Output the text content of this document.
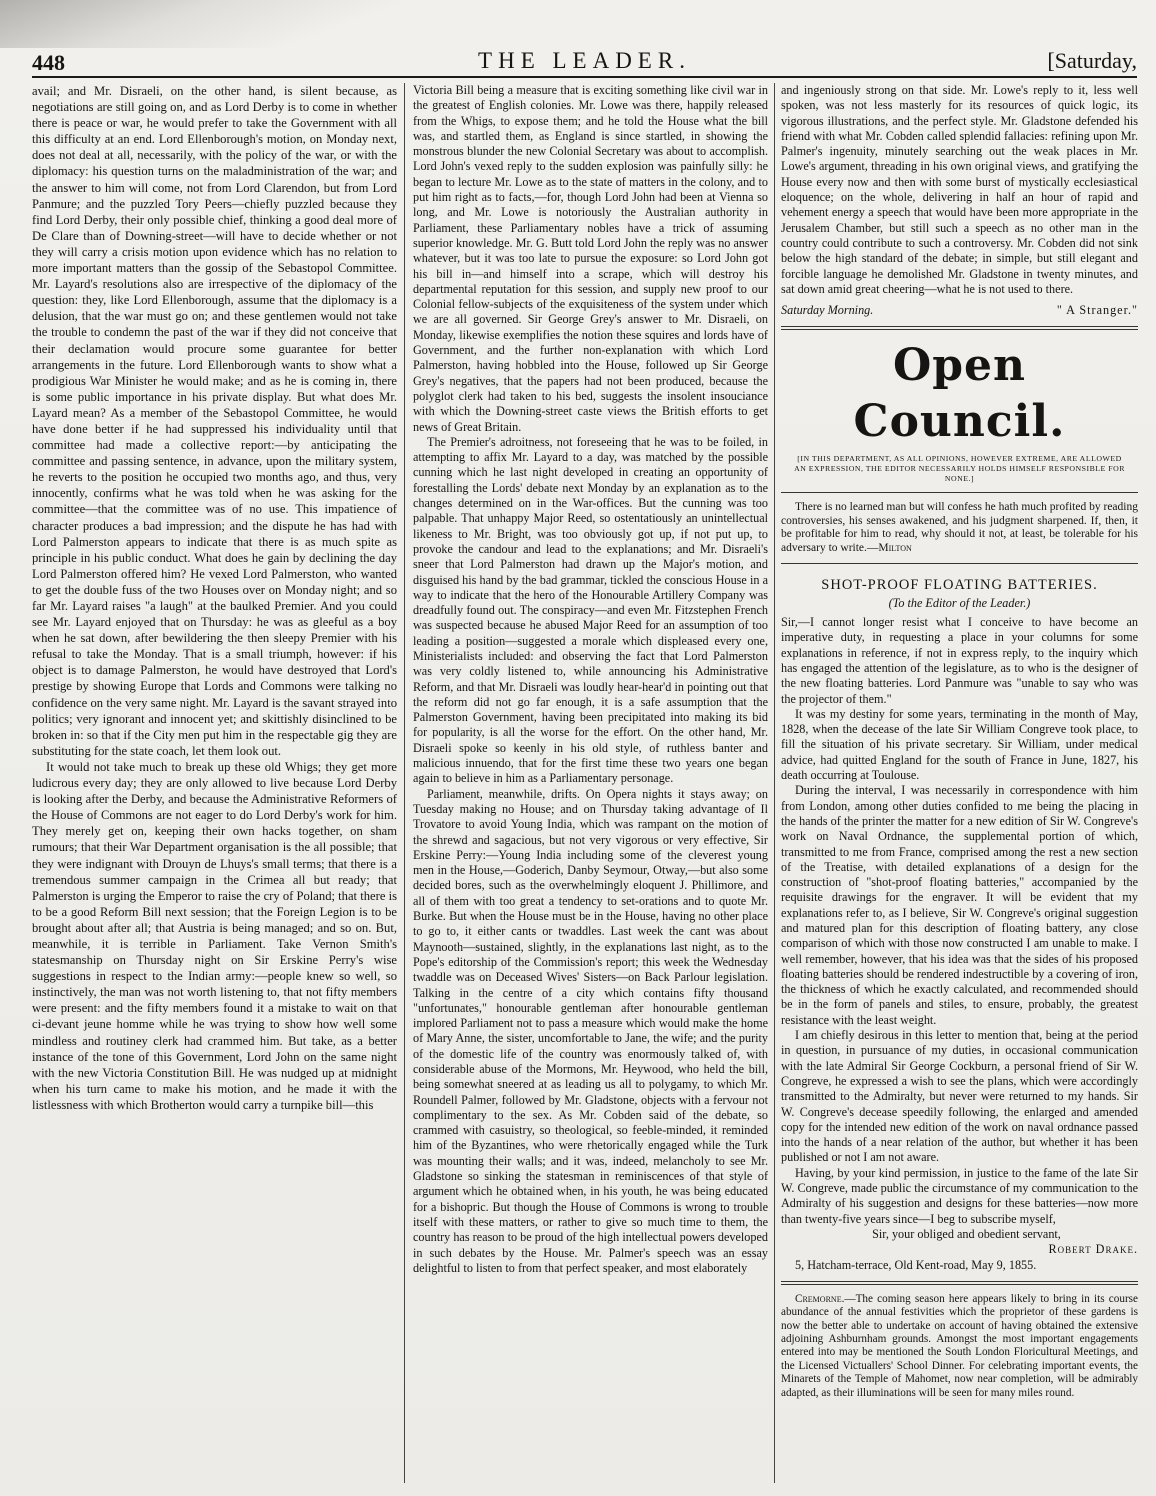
448	THE LEADER.	[Saturday,

avail; and Mr. Disraeli, on the other hand, is silent because, as negotiations are still going on, and as Lord Derby is to come in whether there is peace or war, he would prefer to take the Government with all this difficulty at an end. Lord Ellenborough's motion, on Monday next, does not deal at all, necessarily, with the policy of the war, or with the diplomacy: his question turns on the maladministration of the war; and the answer to him will come, not from Lord Clarendon, but from Lord Panmure; and the puzzled Tory Peers—chiefly puzzled because they find Lord Derby, their only possible chief, thinking a good deal more of De Clare than of Downing-street—will have to decide whether or not they will carry a crisis motion upon evidence which has no relation to more important matters than the gossip of the Sebastopol Committee. Mr. Layard's resolutions also are irrespective of the diplomacy of the question: they, like Lord Ellenborough, assume that the diplomacy is a delusion, that the war must go on; and these gentlemen would not take the trouble to condemn the past of the war if they did not conceive that their declamation would procure some guarantee for better arrangements in the future. Lord Ellenborough wants to show what a prodigious War Minister he would make; and as he is coming in, there is some public importance in his private display. But what does Mr. Layard mean? As a member of the Sebastopol Committee, he would have done better if he had suppressed his individuality until that committee had made a collective report:—by anticipating the committee and passing sentence, in advance, upon the military system, he reverts to the position he occupied two months ago, and thus, very innocently, confirms what he was told when he was asking for the committee—that the committee was of no use. This impatience of character produces a bad impression; and the dispute he has had with Lord Palmerston appears to indicate that there is as much spite as principle in his public conduct. What does he gain by declining the day Lord Palmerston offered him? He vexed Lord Palmerston, who wanted to get the double fuss of the two Houses over on Monday night; and so far Mr. Layard raises "a laugh" at the baulked Premier. And you could see Mr. Layard enjoyed that on Thursday: he was as gleeful as a boy when he sat down, after bewildering the then sleepy Premier with his refusal to take the Monday. That is a small triumph, however: if his object is to damage Palmerston, he would have destroyed that Lord's prestige by showing Europe that Lords and Commons were talking no confidence on the very same night. Mr. Layard is the savant strayed into politics; very ignorant and innocent yet; and skittishly disinclined to be broken in: so that if the City men put him in the respectable gig they are substituting for the state coach, let them look out.

It would not take much to break up these old Whigs; they get more ludicrous every day; they are only allowed to live because Lord Derby is looking after the Derby, and because the Administrative Reformers of the House of Commons are not eager to do Lord Derby's work for him. They merely get on, keeping their own hacks together, on sham rumours; that their War Department organisation is the all possible; that they were indignant with Drouyn de Lhuys's small terms; that there is a tremendous summer campaign in the Crimea all but ready; that Palmerston is urging the Emperor to raise the cry of Poland; that there is to be a good Reform Bill next session; that the Foreign Legion is to be brought about after all; that Austria is being managed; and so on. But, meanwhile, it is terrible in Parliament. Take Vernon Smith's statesmanship on Thursday night on Sir Erskine Perry's wise suggestions in respect to the Indian army:—people knew so well, so instinctively, the man was not worth listening to, that not fifty members were present: and the fifty members found it a mistake to wait on that ci-devant jeune homme while he was trying to show how well some mindless and routiney clerk had crammed him. But take, as a better instance of the tone of this Government, Lord John on the same night with the new Victoria Constitution Bill. He was nudged up at midnight when his turn came to make his motion, and he made it with the listlessness with which Brotherton would carry a turnpike bill—this

Victoria Bill being a measure that is exciting something like civil war in the greatest of English colonies. Mr. Lowe was there, happily released from the Whigs, to expose them; and he told the House what the bill was, and startled them, as England is since startled, in showing the monstrous blunder the new Colonial Secretary was about to accomplish. Lord John's vexed reply to the sudden explosion was painfully silly: he began to lecture Mr. Lowe as to the state of matters in the colony, and to put him right as to facts,—for, though Lord John had been at Vienna so long, and Mr. Lowe is notoriously the Australian authority in Parliament, these Parliamentary nobles have a trick of assuming superior knowledge. Mr. G. Butt told Lord John the reply was no answer whatever, but it was too late to pursue the exposure: so Lord John got his bill in—and himself into a scrape, which will destroy his departmental reputation for this session, and supply new proof to our Colonial fellow-subjects of the exquisiteness of the system under which we are all governed. Sir George Grey's answer to Mr. Disraeli, on Monday, likewise exemplifies the notion these squires and lords have of Government, and the further non-explanation with which Lord Palmerston, having hobbled into the House, followed up Sir George Grey's negatives, that the papers had not been produced, because the polyglot clerk had taken to his bed, suggests the insolent insouciance with which the Downing-street caste views the British efforts to get news of Great Britain.

The Premier's adroitness, not foreseeing that he was to be foiled, in attempting to affix Mr. Layard to a day, was matched by the possible cunning which he last night developed in creating an opportunity of forestalling the Lords' debate next Monday by an explanation as to the changes determined on in the War-offices. But the cunning was too palpable. That unhappy Major Reed, so ostentatiously an unintellectual likeness to Mr. Bright, was too obviously got up, if not put up, to provoke the candour and lead to the explanations; and Mr. Disraeli's sneer that Lord Palmerston had drawn up the Major's motion, and disguised his hand by the bad grammar, tickled the conscious House in a way to indicate that the hero of the Honourable Artillery Company was dreadfully found out. The conspiracy—and even Mr. Fitzstephen French was suspected because he abused Major Reed for an assumption of too leading a position—suggested a morale which displeased every one, Ministerialists included: and observing the fact that Lord Palmerston was very coldly listened to, while announcing his Administrative Reform, and that Mr. Disraeli was loudly hear-hear'd in pointing out that the reform did not go far enough, it is a safe assumption that the Palmerston Government, having been precipitated into making its bid for popularity, is all the worse for the effort. On the other hand, Mr. Disraeli spoke so keenly in his old style, of ruthless banter and malicious innuendo, that for the first time these two years one began again to believe in him as a Parliamentary personage.

Parliament, meanwhile, drifts. On Opera nights it stays away; on Tuesday making no House; and on Thursday taking advantage of Il Trovatore to avoid Young India, which was rampant on the motion of the shrewd and sagacious, but not very vigorous or very effective, Sir Erskine Perry:—Young India including some of the cleverest young men in the House,—Goderich, Danby Seymour, Otway,—but also some decided bores, such as the overwhelmingly eloquent J. Phillimore, and all of them with too great a tendency to set-orations and to quote Mr. Burke. But when the House must be in the House, having no other place to go to, it either cants or twaddles. Last week the cant was about Maynooth—sustained, slightly, in the explanations last night, as to the Pope's editorship of the Commission's report; this week the Wednesday twaddle was on Deceased Wives' Sisters—on Back Parlour legislation. Talking in the centre of a city which contains fifty thousand "unfortunates," honourable gentleman after honourable gentleman implored Parliament not to pass a measure which would make the home of Mary Anne, the sister, uncomfortable to Jane, the wife; and the purity of the domestic life of the country was enormously talked of, with considerable abuse of the Mormons, Mr. Heywood, who held the bill, being somewhat sneered at as leading us all to polygamy, to which Mr. Roundell Palmer, followed by Mr. Gladstone, objects with a fervour not complimentary to the sex. As Mr. Cobden said of the debate, so crammed with casuistry, so theological, so feeble-minded, it reminded him of the Byzantines, who were rhetorically engaged while the Turk was mounting their walls; and it was, indeed, melancholy to see Mr. Gladstone so sinking the statesman in reminiscences of that style of argument which he obtained when, in his youth, he was being educated for a bishopric. But though the House of Commons is wrong to trouble itself with these matters, or rather to give so much time to them, the country has reason to be proud of the high intellectual powers developed in such debates by the House. Mr. Palmer's speech was an essay delightful to listen to from that perfect speaker, and most elaborately

and ingeniously strong on that side. Mr. Lowe's reply to it, less well spoken, was not less masterly for its resources of quick logic, its vigorous illustrations, and the perfect style. Mr. Gladstone defended his friend with what Mr. Cobden called splendid fallacies: refining upon Mr. Palmer's ingenuity, minutely searching out the weak places in Mr. Lowe's argument, threading in his own original views, and gratifying the House every now and then with some burst of mystically ecclesiastical eloquence; on the whole, delivering in half an hour of rapid and vehement energy a speech that would have been more appropriate in the Jerusalem Chamber, but still such a speech as no other man in the country could contribute to such a controversy. Mr. Cobden did not sink below the high standard of the debate; in simple, but still elegant and forcible language he demolished Mr. Gladstone in twenty minutes, and sat down amid great cheering—what he is not used to there.

Saturday Morning.	" A Stranger."
Open Council.
[IN THIS DEPARTMENT, AS ALL OPINIONS, HOWEVER EXTREME, ARE ALLOWED AN EXPRESSION, THE EDITOR NECESSARILY HOLDS HIMSELF RESPONSIBLE FOR NONE.]

There is no learned man but will confess he hath much profited by reading controversies, his senses awakened, and his judgment sharpened. If, then, it be profitable for him to read, why should it not, at least, be tolerable for his adversary to write.—Milton

SHOT-PROOF FLOATING BATTERIES.
(To the Editor of the Leader.)

Sir,—I cannot longer resist what I conceive to have become an imperative duty, in requesting a place in your columns for some explanations in reference, if not in express reply, to the inquiry which has engaged the attention of the legislature, as to who is the designer of the new floating batteries. Lord Panmure was "unable to say who was the projector of them."

It was my destiny for some years, terminating in the month of May, 1828, when the decease of the late Sir William Congreve took place, to fill the situation of his private secretary. Sir William, under medical advice, had quitted England for the south of France in June, 1827, his death occurring at Toulouse.

During the interval, I was necessarily in correspondence with him from London, among other duties confided to me being the placing in the hands of the printer the matter for a new edition of Sir W. Congreve's work on Naval Ordnance, the supplemental portion of which, transmitted to me from France, comprised among the rest a new section of the Treatise, with detailed explanations of a design for the construction of "shot-proof floating batteries," accompanied by the requisite drawings for the engraver. It will be evident that my explanations refer to, as I believe, Sir W. Congreve's original suggestion and matured plan for this description of floating battery, any close comparison of which with those now constructed I am unable to make. I well remember, however, that his idea was that the sides of his proposed floating batteries should be rendered indestructible by a covering of iron, the thickness of which he exactly calculated, and recommended should be in the form of panels and stiles, to ensure, probably, the greatest resistance with the least weight.

I am chiefly desirous in this letter to mention that, being at the period in question, in pursuance of my duties, in occasional communication with the late Admiral Sir George Cockburn, a personal friend of Sir W. Congreve, he expressed a wish to see the plans, which were accordingly transmitted to the Admiralty, but never were returned to my hands. Sir W. Congreve's decease speedily following, the enlarged and amended copy for the intended new edition of the work on naval ordnance passed into the hands of a near relation of the author, but whether it has been published or not I am not aware.

Having, by your kind permission, in justice to the fame of the late Sir W. Congreve, made public the circumstance of my communication to the Admiralty of his suggestion and designs for these batteries—now more than twenty-five years since—I beg to subscribe myself,

Sir, your obliged and obedient servant,

Robert Drake.

5, Hatcham-terrace, Old Kent-road, May 9, 1855.

Cremorne.—The coming season here appears likely to bring in its course abundance of the annual festivities which the proprietor of these gardens is now the better able to undertake on account of having obtained the extensive adjoining Ashburnham grounds. Amongst the most important engagements entered into may be mentioned the South London Floricultural Meetings, and the Licensed Victuallers' School Dinner. For celebrating important events, the Minarets of the Temple of Mahomet, now near completion, will be admirably adapted, as their illuminations will be seen for many miles round.
